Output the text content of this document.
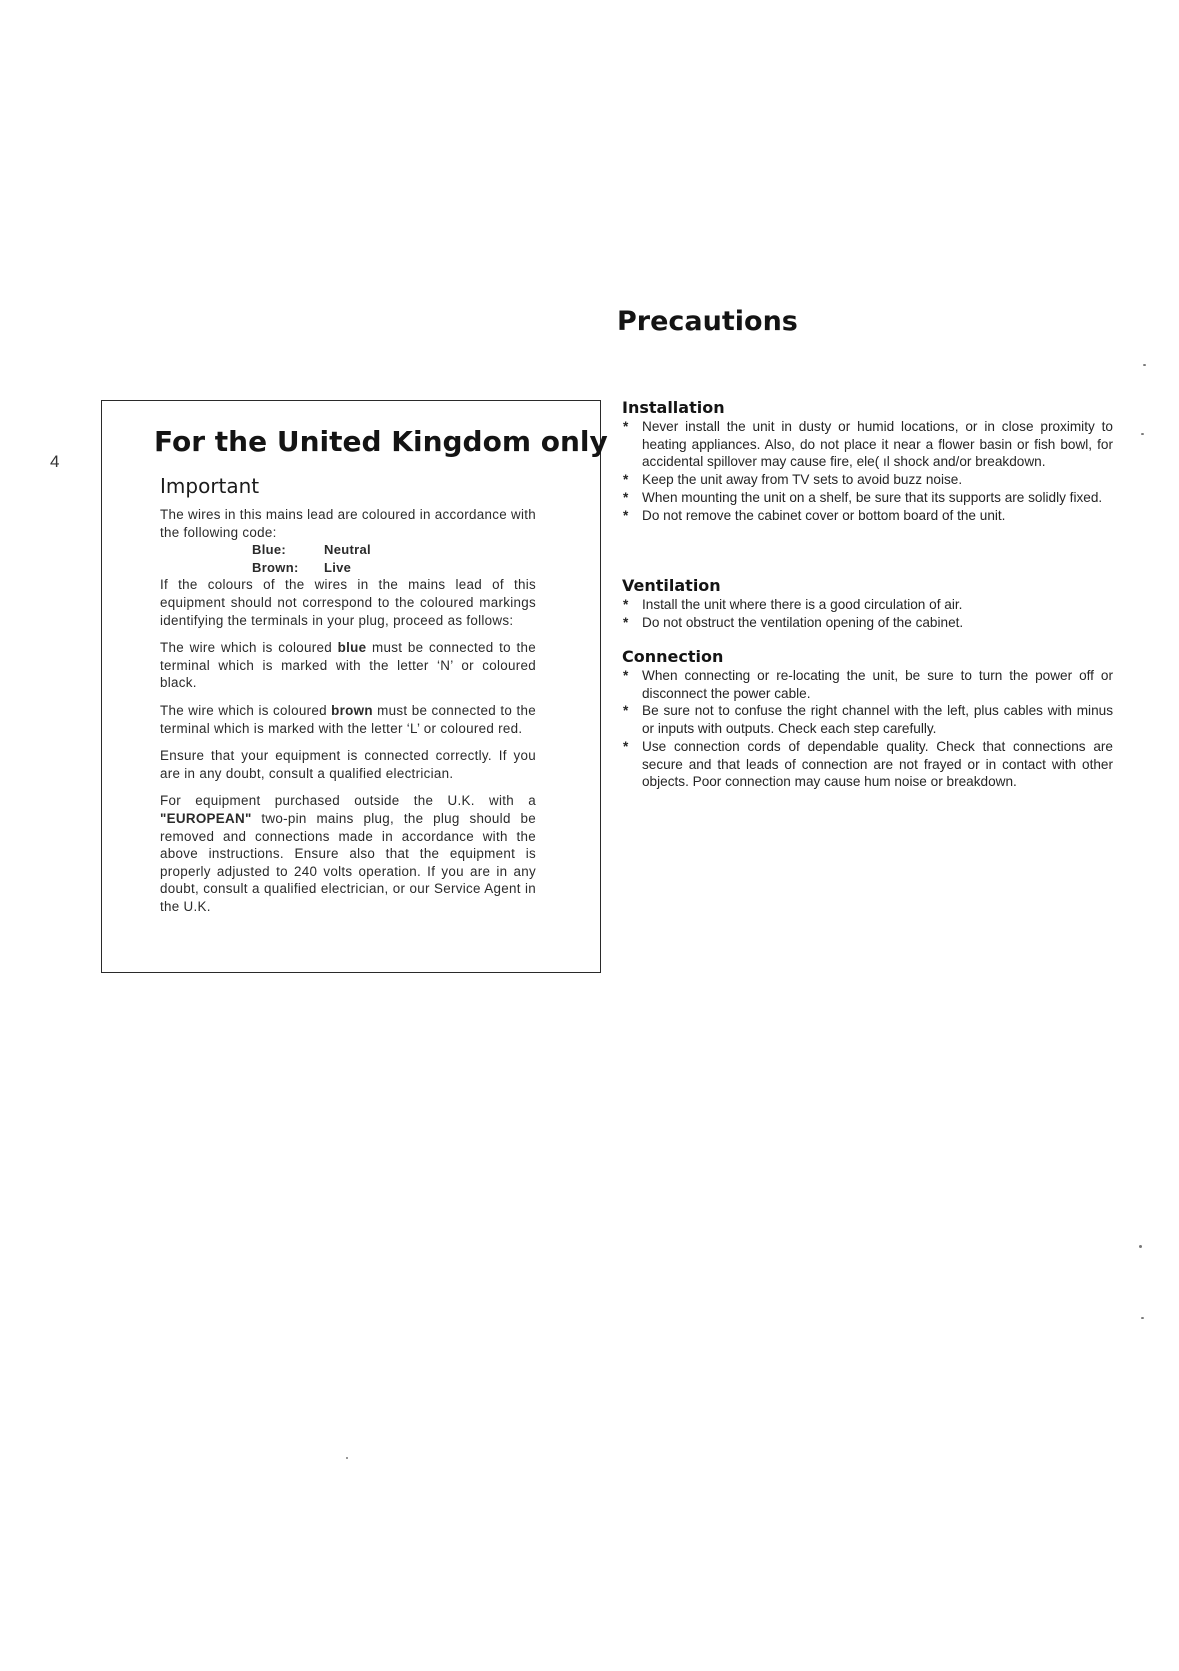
4
Precautions
For the United Kingdom only
Important

The wires in this mains lead are coloured in accordance with the following code:

Blue:	Neutral
Brown:	Live

If the colours of the wires in the mains lead of this equipment should not correspond to the coloured markings identifying the terminals in your plug, proceed as follows:

The wire which is coloured blue must be connected to the terminal which is marked with the letter ‘N’ or coloured black.

The wire which is coloured brown must be connected to the terminal which is marked with the letter ‘L’ or coloured red.

Ensure that your equipment is connected correctly. If you are in any doubt, consult a qualified electrician.

For equipment purchased outside the U.K. with a "EUROPEAN" two-pin mains plug, the plug should be removed and connections made in accordance with the above instructions. Ensure also that the equipment is properly adjusted to 240 volts operation. If you are in any doubt, consult a qualified electrician, or our Service Agent in the U.K.

Installation
* Never install the unit in dusty or humid locations, or in close proximity to heating appliances. Also, do not place it near a flower basin or fish bowl, for accidental spillover may cause fire, ele( ıl shock and/or breakdown.
* Keep the unit away from TV sets to avoid buzz noise.
* When mounting the unit on a shelf, be sure that its supports are solidly fixed.
* Do not remove the cabinet cover or bottom board of the unit.
Ventilation
* Install the unit where there is a good circulation of air.
* Do not obstruct the ventilation opening of the cabinet.
Connection
* When connecting or re-locating the unit, be sure to turn the power off or disconnect the power cable.
* Be sure not to confuse the right channel with the left, plus cables with minus or inputs with outputs. Check each step carefully.
* Use connection cords of dependable quality. Check that connections are secure and that leads of connection are not frayed or in contact with other objects. Poor connection may cause hum noise or breakdown.
